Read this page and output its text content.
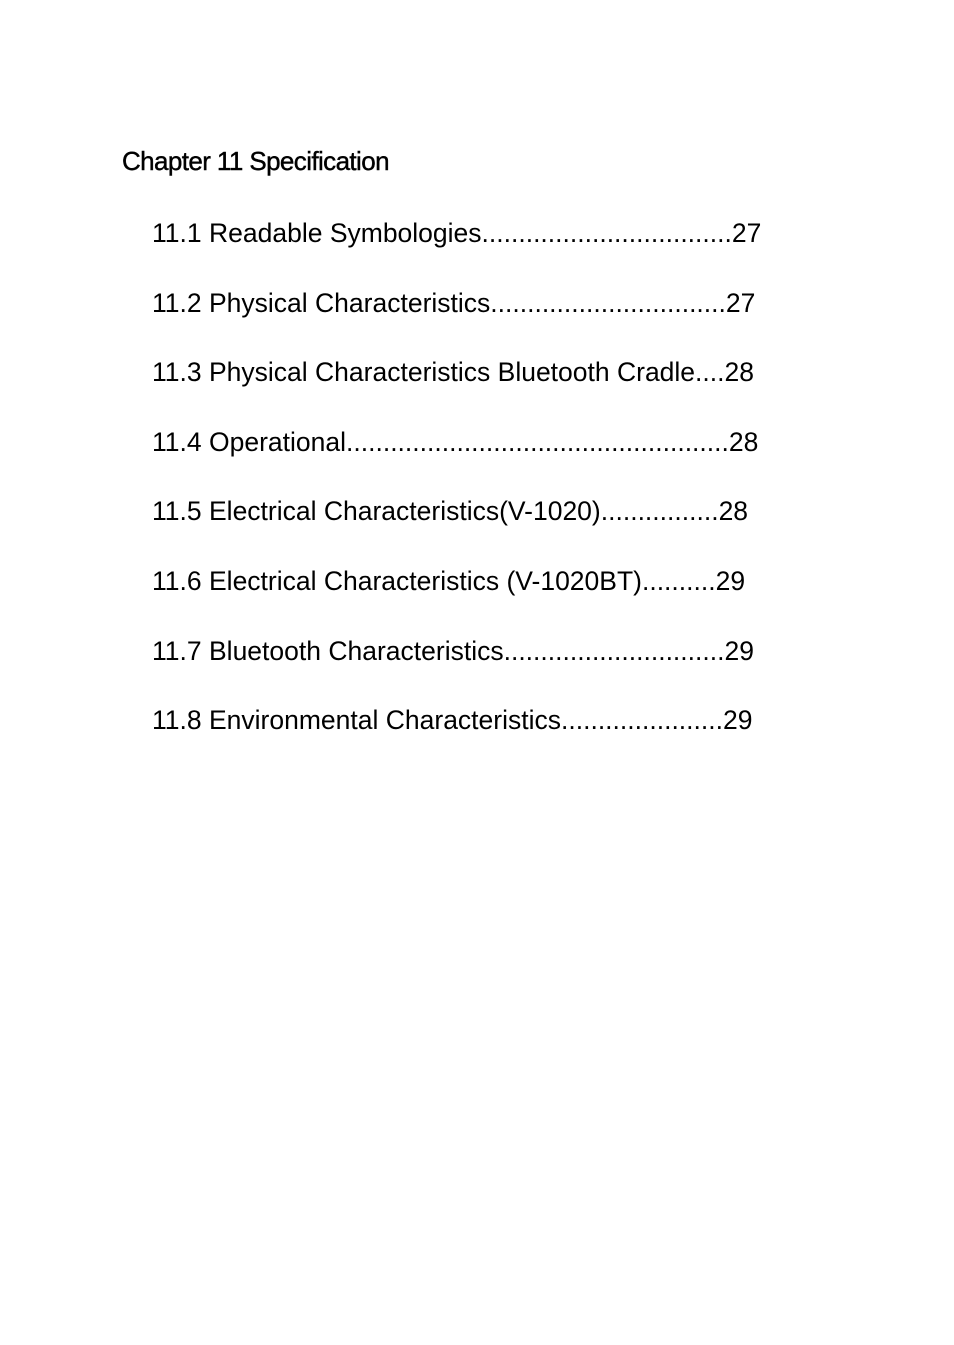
Chapter 11 Specification
11.1 Readable Symbologies..................................27
11.2 Physical Characteristics................................27
11.3 Physical Characteristics Bluetooth Cradle....28
11.4 Operational....................................................28
11.5 Electrical Characteristics(V-1020)................28
11.6 Electrical Characteristics (V-1020BT)..........29
11.7 Bluetooth Characteristics..............................29
11.8 Environmental Characteristics......................29
